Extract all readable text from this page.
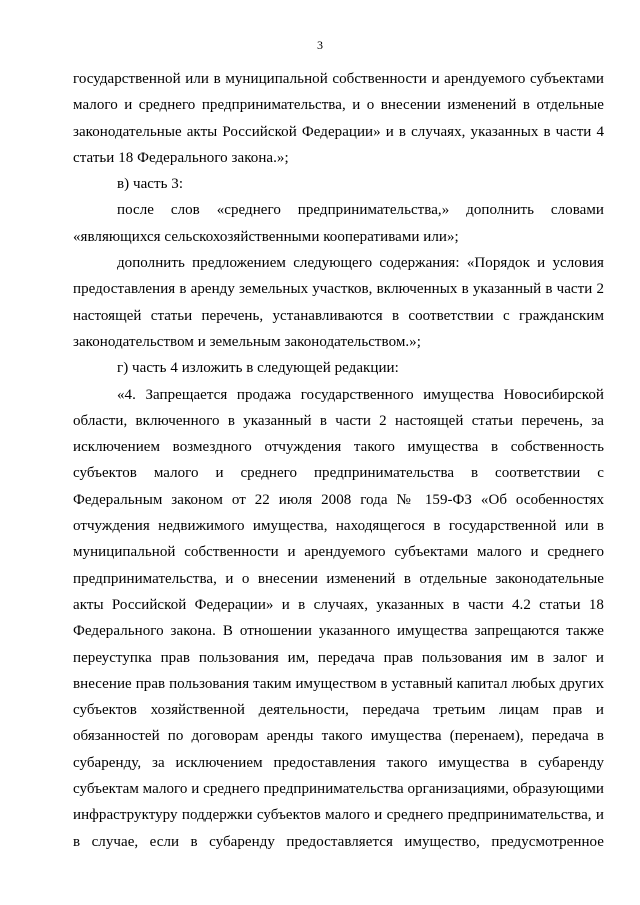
3

государственной или в муниципальной собственности и арендуемого субъектами малого и среднего предпринимательства, и о внесении изменений в отдельные законодательные акты Российской Федерации» и в случаях, указанных в части 4 статьи 18 Федерального закона.»;

в) часть 3:

после слов «среднего предпринимательства,» дополнить словами «являющихся сельскохозяйственными кооперативами или»;

дополнить предложением следующего содержания: «Порядок и условия предоставления в аренду земельных участков, включенных в указанный в части 2 настоящей статьи перечень, устанавливаются в соответствии с гражданским законодательством и земельным законодательством.»;

г) часть 4 изложить в следующей редакции:

«4. Запрещается продажа государственного имущества Новосибирской области, включенного в указанный в части 2 настоящей статьи перечень, за исключением возмездного отчуждения такого имущества в собственность субъектов малого и среднего предпринимательства в соответствии с Федеральным законом от 22 июля 2008 года № 159-ФЗ «Об особенностях отчуждения недвижимого имущества, находящегося в государственной или в муниципальной собственности и арендуемого субъектами малого и среднего предпринимательства, и о внесении изменений в отдельные законодательные акты Российской Федерации» и в случаях, указанных в части 4.2 статьи 18 Федерального закона. В отношении указанного имущества запрещаются также переуступка прав пользования им, передача прав пользования им в залог и внесение прав пользования таким имуществом в уставный капитал любых других субъектов хозяйственной деятельности, передача третьим лицам прав и обязанностей по договорам аренды такого имущества (перенаем), передача в субаренду, за исключением предоставления такого имущества в субаренду субъектам малого и среднего предпринимательства организациями, образующими инфраструктуру поддержки субъектов малого и среднего предпринимательства, и в случае, если в субаренду предоставляется имущество, предусмотренное
